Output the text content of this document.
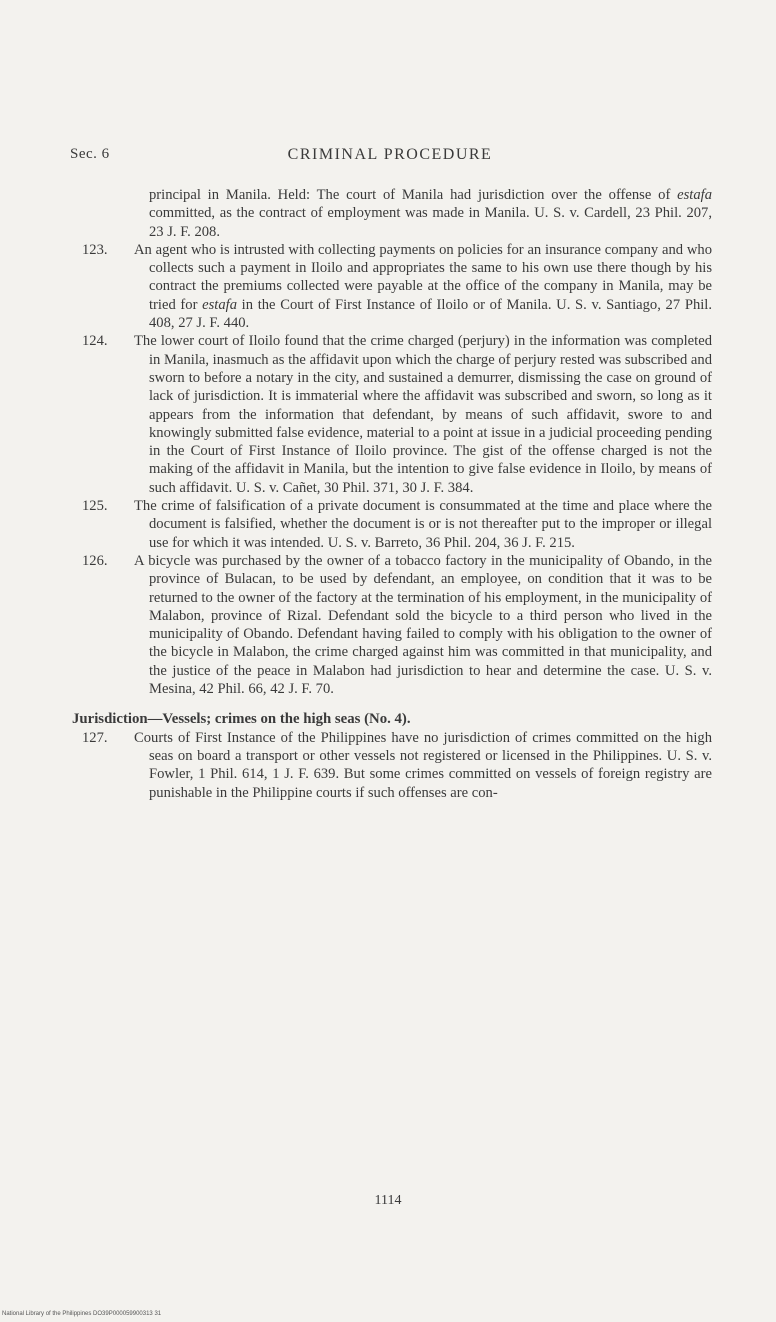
Sec. 6	CRIMINAL PROCEDURE

principal in Manila. Held: The court of Manila had jurisdiction over the offense of estafa committed, as the contract of employment was made in Manila. U. S. v. Cardell, 23 Phil. 207, 23 J. F. 208.

123. An agent who is intrusted with collecting payments on policies for an insurance company and who collects such a payment in Iloilo and appropriates the same to his own use there though by his contract the premiums collected were payable at the office of the company in Manila, may be tried for estafa in the Court of First Instance of Iloilo or of Manila. U. S. v. Santiago, 27 Phil. 408, 27 J. F. 440.
124. The lower court of Iloilo found that the crime charged (perjury) in the information was completed in Manila, inasmuch as the affidavit upon which the charge of perjury rested was subscribed and sworn to before a notary in the city, and sustained a demurrer, dismissing the case on ground of lack of jurisdiction. It is immaterial where the affidavit was subscribed and sworn, so long as it appears from the information that defendant, by means of such affidavit, swore to and knowingly submitted false evidence, material to a point at issue in a judicial proceeding pending in the Court of First Instance of Iloilo province. The gist of the offense charged is not the making of the affidavit in Manila, but the intention to give false evidence in Iloilo, by means of such affidavit. U. S. v. Cañet, 30 Phil. 371, 30 J. F. 384.
125. The crime of falsification of a private document is consummated at the time and place where the document is falsified, whether the document is or is not thereafter put to the improper or illegal use for which it was intended. U. S. v. Barreto, 36 Phil. 204, 36 J. F. 215.
126. A bicycle was purchased by the owner of a tobacco factory in the municipality of Obando, in the province of Bulacan, to be used by defendant, an employee, on condition that it was to be returned to the owner of the factory at the termination of his employment, in the municipality of Malabon, province of Rizal. Defendant sold the bicycle to a third person who lived in the municipality of Obando. Defendant having failed to comply with his obligation to the owner of the bicycle in Malabon, the crime charged against him was committed in that municipality, and the justice of the peace in Malabon had jurisdiction to hear and determine the case. U. S. v. Mesina, 42 Phil. 66, 42 J. F. 70.
Jurisdiction—Vessels; crimes on the high seas (No. 4).
127. Courts of First Instance of the Philippines have no jurisdiction of crimes committed on the high seas on board a transport or other vessels not registered or licensed in the Philippines. U. S. v. Fowler, 1 Phil. 614, 1 J. F. 639. But some crimes committed on vessels of foreign registry are punishable in the Philippine courts if such offenses are con-
1114
National Library of the Philippines DO39P000059900313 31
